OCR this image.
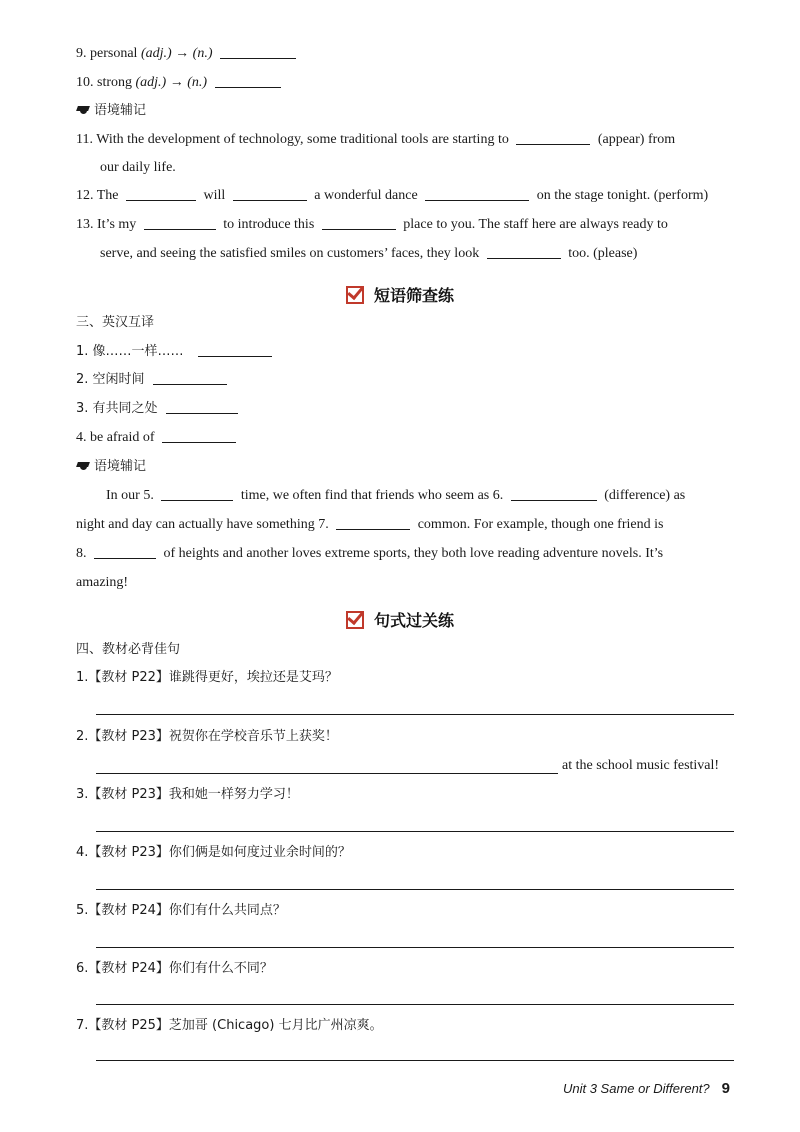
9. personal (adj.) → (n.)
10. strong (adj.) → (n.)
语境辅记
11. With the development of technology, some traditional tools are starting to	(appear) from
our daily life.
12. The	will	a wonderful dance	on the stage tonight. (perform)
13. It’s my	to introduce this	place to you. The staff here are always ready to
serve, and seeing the satisfied smiles on customers’ faces, they look	too. (please)
短语筛查练
三、英汉互译
1. 像……一样……
2. 空闲时间
3. 有共同之处
4. be afraid of
语境辅记
In our 5.	time, we often find that friends who seem as 6.	(difference) as
night and day can actually have something 7.	common. For example, though one friend is
8.	of heights and another loves extreme sports, they both love reading adventure novels. It’s
amazing!
句式过关练
四、教材必背佳句
1.【教材 P22】谁跳得更好，埃拉还是艾玛？
2.【教材 P23】祝贺你在学校音乐节上获奖！
at the school music festival!
3.【教材 P23】我和她一样努力学习！
4.【教材 P23】你们俩是如何度过业余时间的？
5.【教材 P24】你们有什么共同点？
6.【教材 P24】你们有什么不同？
7.【教材 P25】芝加哥 (Chicago) 七月比广州凉爽。
Unit 3 Same or Different? 9
